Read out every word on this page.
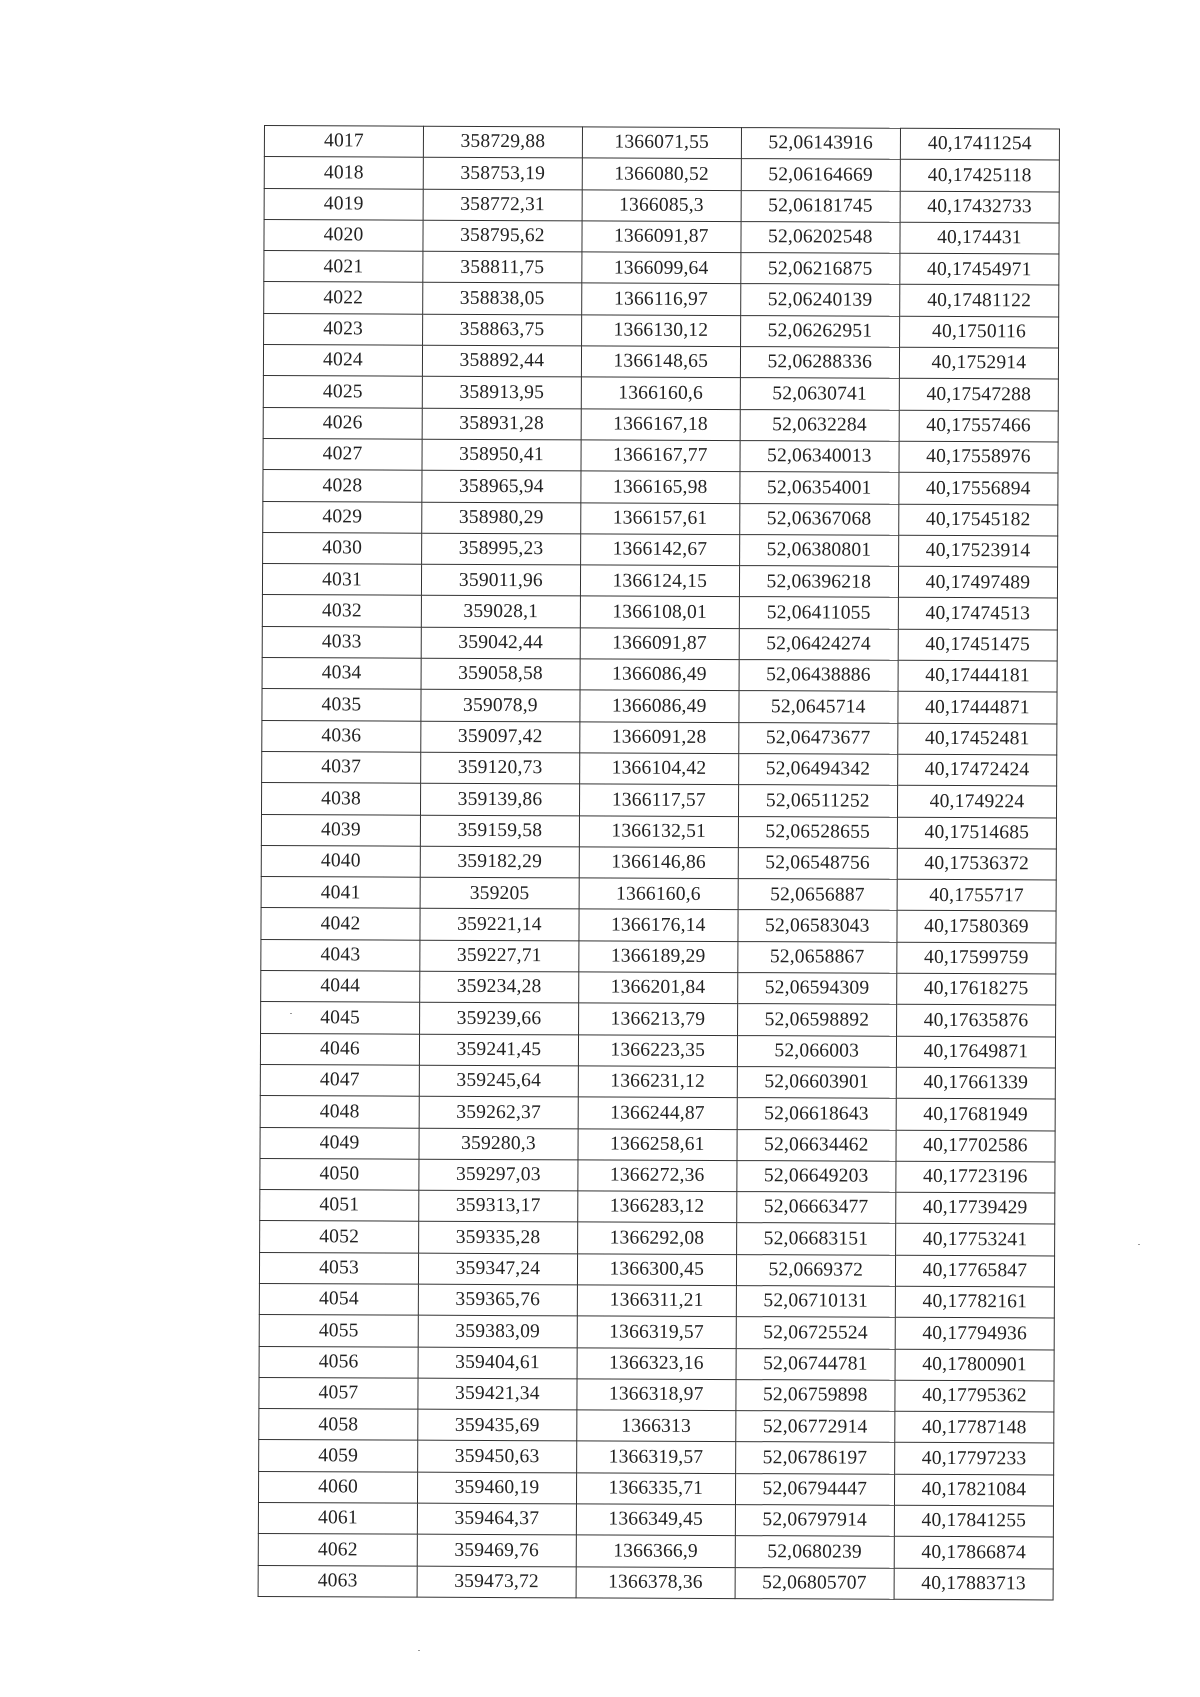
4017	358729,88	1366071,55	52,06143916	40,17411254
4018	358753,19	1366080,52	52,06164669	40,17425118
4019	358772,31	1366085,3	52,06181745	40,17432733
4020	358795,62	1366091,87	52,06202548	40,174431
4021	358811,75	1366099,64	52,06216875	40,17454971
4022	358838,05	1366116,97	52,06240139	40,17481122
4023	358863,75	1366130,12	52,06262951	40,1750116
4024	358892,44	1366148,65	52,06288336	40,1752914
4025	358913,95	1366160,6	52,0630741	40,17547288
4026	358931,28	1366167,18	52,0632284	40,17557466
4027	358950,41	1366167,77	52,06340013	40,17558976
4028	358965,94	1366165,98	52,06354001	40,17556894
4029	358980,29	1366157,61	52,06367068	40,17545182
4030	358995,23	1366142,67	52,06380801	40,17523914
4031	359011,96	1366124,15	52,06396218	40,17497489
4032	359028,1	1366108,01	52,06411055	40,17474513
4033	359042,44	1366091,87	52,06424274	40,17451475
4034	359058,58	1366086,49	52,06438886	40,17444181
4035	359078,9	1366086,49	52,0645714	40,17444871
4036	359097,42	1366091,28	52,06473677	40,17452481
4037	359120,73	1366104,42	52,06494342	40,17472424
4038	359139,86	1366117,57	52,06511252	40,1749224
4039	359159,58	1366132,51	52,06528655	40,17514685
4040	359182,29	1366146,86	52,06548756	40,17536372
4041	359205	1366160,6	52,0656887	40,1755717
4042	359221,14	1366176,14	52,06583043	40,17580369
4043	359227,71	1366189,29	52,0658867	40,17599759
4044	359234,28	1366201,84	52,06594309	40,17618275
4045	359239,66	1366213,79	52,06598892	40,17635876
4046	359241,45	1366223,35	52,066003	40,17649871
4047	359245,64	1366231,12	52,06603901	40,17661339
4048	359262,37	1366244,87	52,06618643	40,17681949
4049	359280,3	1366258,61	52,06634462	40,17702586
4050	359297,03	1366272,36	52,06649203	40,17723196
4051	359313,17	1366283,12	52,06663477	40,17739429
4052	359335,28	1366292,08	52,06683151	40,17753241
4053	359347,24	1366300,45	52,0669372	40,17765847
4054	359365,76	1366311,21	52,06710131	40,17782161
4055	359383,09	1366319,57	52,06725524	40,17794936
4056	359404,61	1366323,16	52,06744781	40,17800901
4057	359421,34	1366318,97	52,06759898	40,17795362
4058	359435,69	1366313	52,06772914	40,17787148
4059	359450,63	1366319,57	52,06786197	40,17797233
4060	359460,19	1366335,71	52,06794447	40,17821084
4061	359464,37	1366349,45	52,06797914	40,17841255
4062	359469,76	1366366,9	52,0680239	40,17866874
4063	359473,72	1366378,36	52,06805707	40,17883713
